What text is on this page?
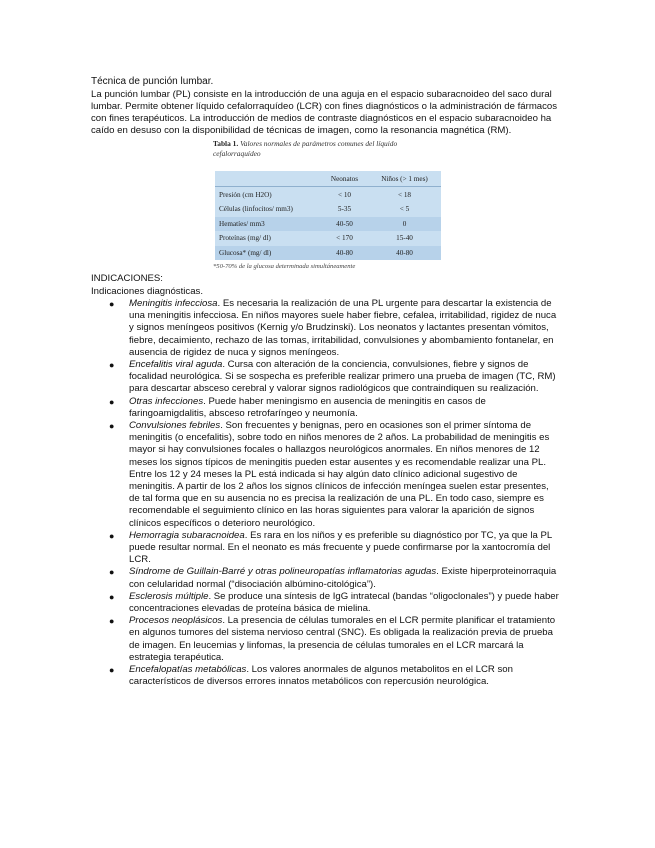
Técnica de punción lumbar.

La punción lumbar (PL) consiste en la introducción de una aguja en el espacio subaracnoideo del saco dural lumbar. Permite obtener líquido cefalorraquídeo (LCR) con fines diagnósticos o la administración de fármacos con fines terapéuticos. La introducción de medios de contraste diagnósticos en el espacio subaracnoideo ha caído en desuso con la disponibilidad de técnicas de imagen, como la resonancia magnética (RM).

Tabla 1. Valores normales de parámetros comunes del líquido cefalorraquídeo

	Neonatos	Niños (> 1 mes)
Presión (cm H2O)	< 10	< 18
Células (linfocitos/ mm3)	5-35	< 5
Hematíes/ mm3	40-50	0
Proteínas (mg/ dl)	< 170	15-40
Glucosa* (mg/ dl)	40-80	40-80

*50-70% de la glucosa determinada simultáneamente

INDICACIONES:

Indicaciones diagnósticas.

● Meningitis infecciosa. Es necesaria la realización de una PL urgente para descartar la existencia de una meningitis infecciosa. En niños mayores suele haber fiebre, cefalea, irritabilidad, rigidez de nuca y signos meníngeos positivos (Kernig y/o Brudzinski). Los neonatos y lactantes presentan vómitos, fiebre, decaimiento, rechazo de las tomas, irritabilidad, convulsiones y abombamiento fontanelar, en ausencia de rigidez de nuca y signos meníngeos.
● Encefalitis viral aguda. Cursa con alteración de la conciencia, convulsiones, fiebre y signos de focalidad neurológica. Si se sospecha es preferible realizar primero una prueba de imagen (TC, RM) para descartar absceso cerebral y valorar signos radiológicos que contraindiquen su realización.
● Otras infecciones. Puede haber meningismo en ausencia de meningitis en casos de faringoamigdalitis, absceso retrofaríngeo y neumonía.
● Convulsiones febriles. Son frecuentes y benignas, pero en ocasiones son el primer síntoma de meningitis (o encefalitis), sobre todo en niños menores de 2 años. La probabilidad de meningitis es mayor si hay convulsiones focales o hallazgos neurológicos anormales. En niños menores de 12 meses los signos típicos de meningitis pueden estar ausentes y es recomendable realizar una PL. Entre los 12 y 24 meses la PL está indicada si hay algún dato clínico adicional sugestivo de meningitis. A partir de los 2 años los signos clínicos de infección meníngea suelen estar presentes, de tal forma que en su ausencia no es precisa la realización de una PL. En todo caso, siempre es recomendable el seguimiento clínico en las horas siguientes para valorar la aparición de signos clínicos específicos o deterioro neurológico.
● Hemorragia subaracnoidea. Es rara en los niños y es preferible su diagnóstico por TC, ya que la PL puede resultar normal. En el neonato es más frecuente y puede confirmarse por la xantocromía del LCR.
● Síndrome de Guillain-Barré y otras polineuropatías inflamatorias agudas. Existe hiperproteinorraquia con celularidad normal (“disociación albúmino-citológica”).
● Esclerosis múltiple. Se produce una síntesis de IgG intratecal (bandas “oligoclonales”) y puede haber concentraciones elevadas de proteína básica de mielina.
● Procesos neoplásicos. La presencia de células tumorales en el LCR permite planificar el tratamiento en algunos tumores del sistema nervioso central (SNC). Es obligada la realización previa de prueba de imagen. En leucemias y linfomas, la presencia de células tumorales en el LCR marcará la estrategia terapéutica.
● Encefalopatías metabólicas. Los valores anormales de algunos metabolitos en el LCR son característicos de diversos errores innatos metabólicos con repercusión neurológica.
